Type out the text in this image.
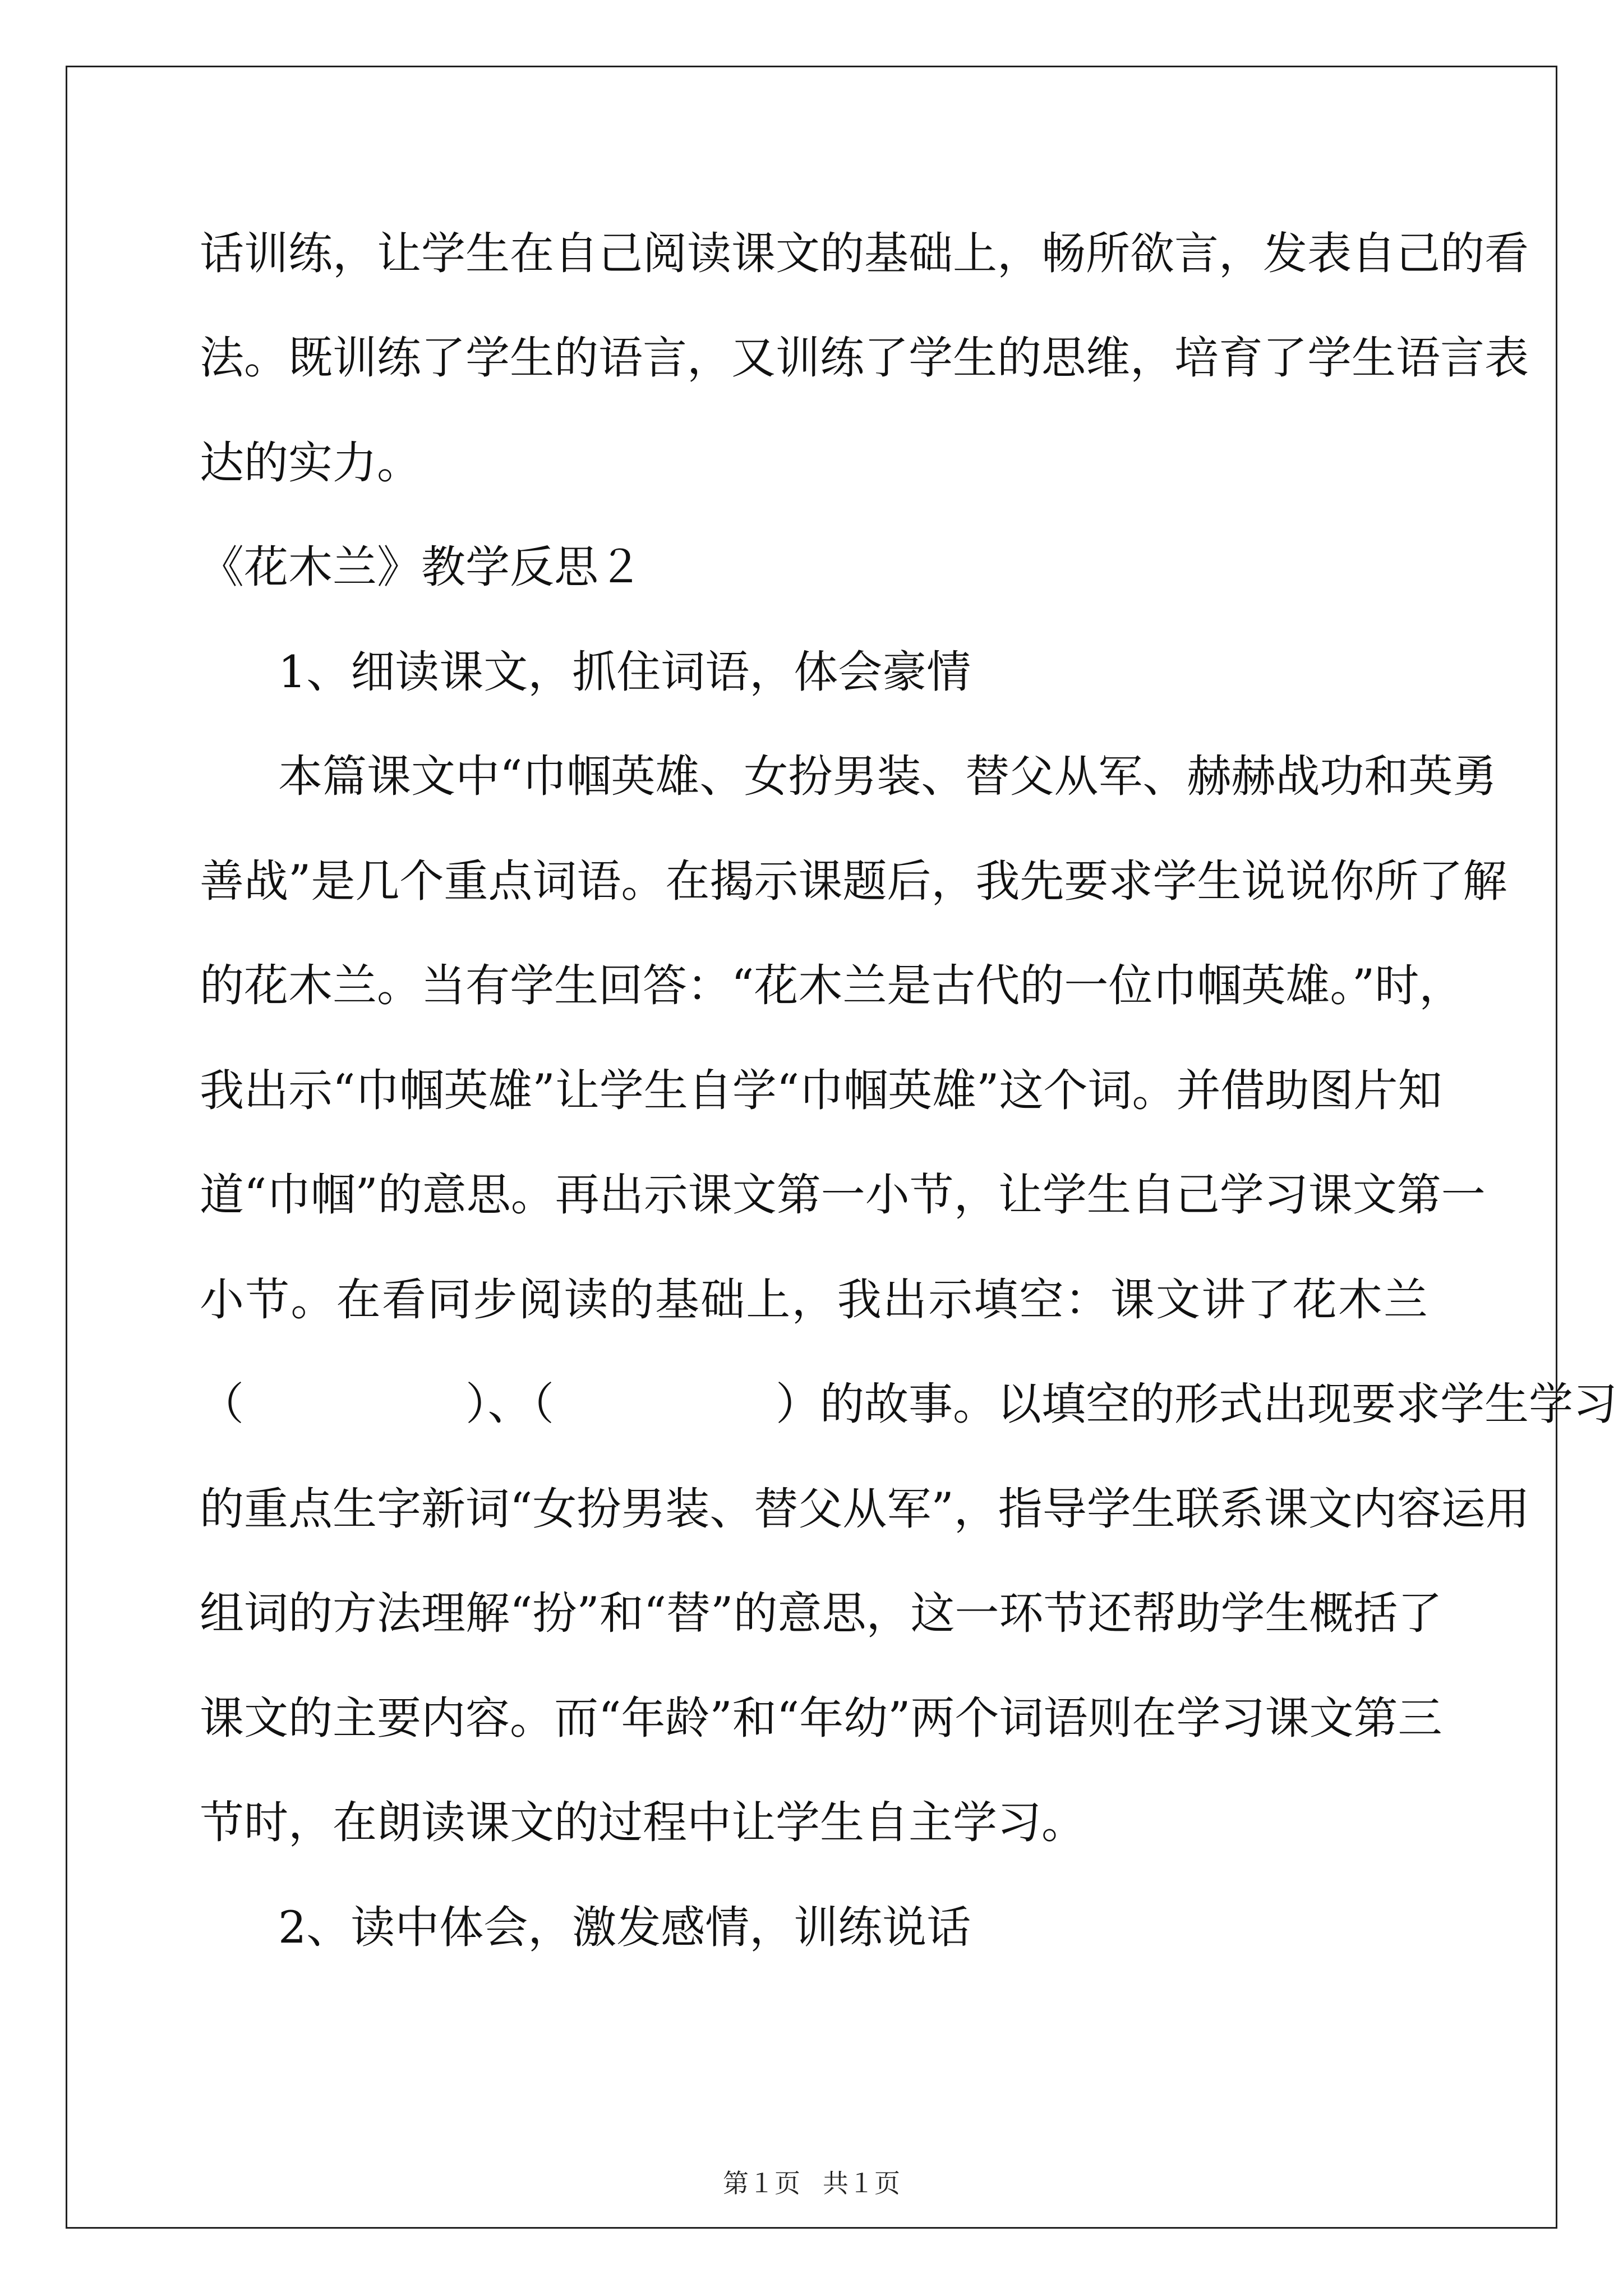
话训练，让学生在自己阅读课文的基础上，畅所欲言，发表自己的看
法。既训练了学生的语言，又训练了学生的思维，培育了学生语言表
达的实力。
《花木兰》教学反思２
1、细读课文，抓住词语，体会豪情
本篇课文中“巾帼英雄、女扮男装、替父从军、赫赫战功和英勇
善战”是几个重点词语。在揭示课题后，我先要求学生说说你所了解
的花木兰。当有学生回答：“花木兰是古代的一位巾帼英雄。”时，
我出示“巾帼英雄”让学生自学“巾帼英雄”这个词。并借助图片知
道“巾帼”的意思。再出示课文第一小节，让学生自己学习课文第一
小节。在看同步阅读的基础上，我出示填空：课文讲了花木兰
（　　　　　）、（　　　　　）的故事。以填空的形式出现要求学生学习
的重点生字新词“女扮男装、替父从军”，指导学生联系课文内容运用
组词的方法理解“扮”和“替”的意思，这一环节还帮助学生概括了
课文的主要内容。而“年龄”和“年幼”两个词语则在学习课文第三
节时，在朗读课文的过程中让学生自主学习。
2、读中体会，激发感情，训练说话
第１页 共１页
